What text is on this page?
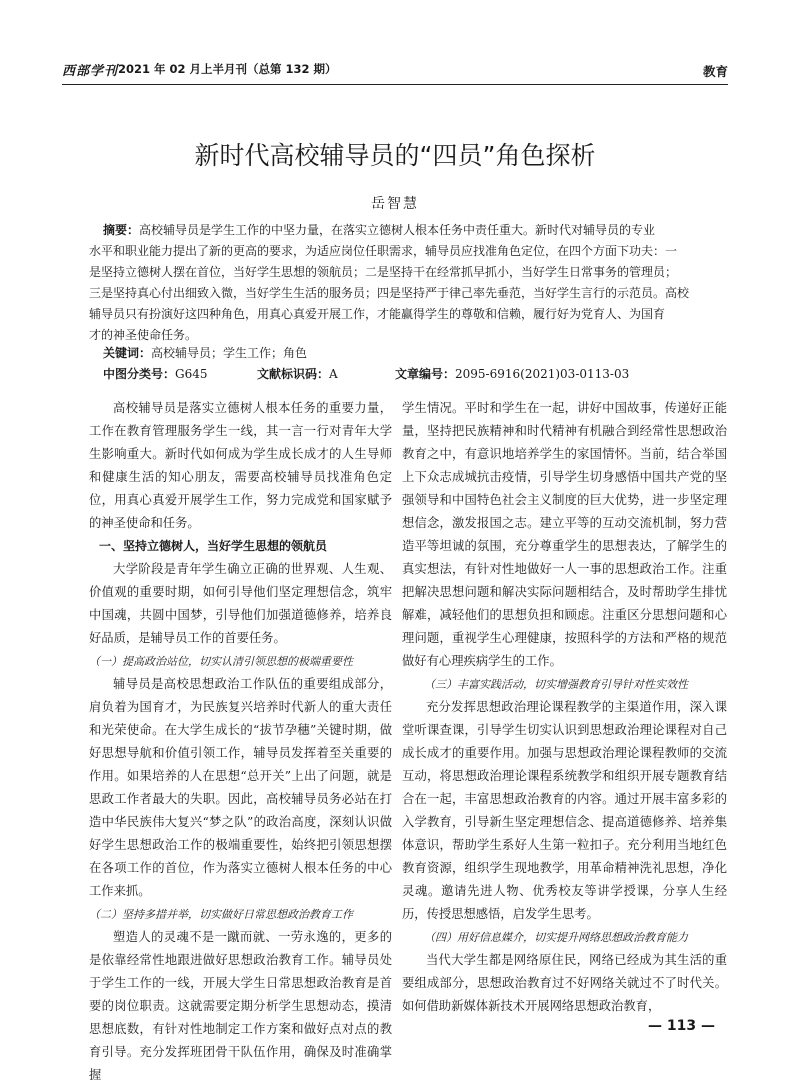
西部学刊 2021 年 02 月上半月刊（总第 132 期）	教育
新时代高校辅导员的“四员”角色探析
岳智慧
摘要：高校辅导员是学生工作的中坚力量，在落实立德树人根本任务中责任重大。新时代对辅导员的专业
水平和职业能力提出了新的更高的要求，为适应岗位任职需求，辅导员应找准角色定位，在四个方面下功夫：一
是坚持立德树人摆在首位，当好学生思想的领航员；二是坚持干在经常抓早抓小，当好学生日常事务的管理员；
三是坚持真心付出细致入微，当好学生生活的服务员；四是坚持严于律己率先垂范，当好学生言行的示范员。高校
辅导员只有扮演好这四种角色，用真心真爱开展工作，才能赢得学生的尊敬和信赖，履行好为党育人、为国育
才的神圣使命任务。
关键词：高校辅导员；学生工作；角色
中图分类号：G645	文献标识码：A	文章编号：2095-6916(2021)03-0113-03

高校辅导员是落实立德树人根本任务的重要力量，工作在教育管理服务学生一线，其一言一行对青年大学生影响重大。新时代如何成为学生成长成才的人生导师和健康生活的知心朋友，需要高校辅导员找准角色定位，用真心真爱开展学生工作，努力完成党和国家赋予的神圣使命和任务。

一、坚持立德树人，当好学生思想的领航员

大学阶段是青年学生确立正确的世界观、人生观、价值观的重要时期，如何引导他们坚定理想信念，筑牢中国魂，共圆中国梦，引导他们加强道德修养，培养良好品质，是辅导员工作的首要任务。

（一）提高政治站位，切实认清引领思想的极端重要性

辅导员是高校思想政治工作队伍的重要组成部分，肩负着为国育才，为民族复兴培养时代新人的重大责任和光荣使命。在大学生成长的“拔节孕穗”关键时期，做好思想导航和价值引领工作，辅导员发挥着至关重要的作用。如果培养的人在思想“总开关”上出了问题，就是思政工作者最大的失职。因此，高校辅导员务必站在打造中华民族伟大复兴“梦之队”的政治高度，深刻认识做好学生思想政治工作的极端重要性，始终把引领思想摆在各项工作的首位，作为落实立德树人根本任务的中心工作来抓。

（二）坚持多措并举，切实做好日常思想政治教育工作

塑造人的灵魂不是一蹴而就、一劳永逸的，更多的是依靠经常性地跟进做好思想政治教育工作。辅导员处于学生工作的一线，开展大学生日常思想政治教育是首要的岗位职责。这就需要定期分析学生思想动态，摸清思想底数，有针对性地制定工作方案和做好点对点的教育引导。充分发挥班团骨干队伍作用，确保及时准确掌握

学生情况。平时和学生在一起，讲好中国故事，传递好正能量，坚持把民族精神和时代精神有机融合到经常性思想政治教育之中，有意识地培养学生的家国情怀。当前，结合举国上下众志成城抗击疫情，引导学生切身感悟中国共产党的坚强领导和中国特色社会主义制度的巨大优势，进一步坚定理想信念，激发报国之志。建立平等的互动交流机制，努力营造平等坦诚的氛围，充分尊重学生的思想表达，了解学生的真实想法，有针对性地做好一人一事的思想政治工作。注重把解决思想问题和解决实际问题相结合，及时帮助学生排忧解难，减轻他们的思想负担和顾虑。注重区分思想问题和心理问题，重视学生心理健康，按照科学的方法和严格的规范做好有心理疾病学生的工作。

（三）丰富实践活动，切实增强教育引导针对性实效性

充分发挥思想政治理论课程教学的主渠道作用，深入课堂听课查课，引导学生切实认识到思想政治理论课程对自己成长成才的重要作用。加强与思想政治理论课程教师的交流互动，将思想政治理论课程系统教学和组织开展专题教育结合在一起，丰富思想政治教育的内容。通过开展丰富多彩的入学教育，引导新生坚定理想信念、提高道德修养、培养集体意识，帮助学生系好人生第一粒扣子。充分利用当地红色教育资源，组织学生现地教学，用革命精神洗礼思想，净化灵魂。邀请先进人物、优秀校友等讲学授课，分享人生经历，传授思想感悟，启发学生思考。

（四）用好信息媒介，切实提升网络思想政治教育能力

当代大学生都是网络原住民，网络已经成为其生活的重要组成部分，思想政治教育过不好网络关就过不了时代关。如何借助新媒体新技术开展网络思想政治教育，

— 113 —
